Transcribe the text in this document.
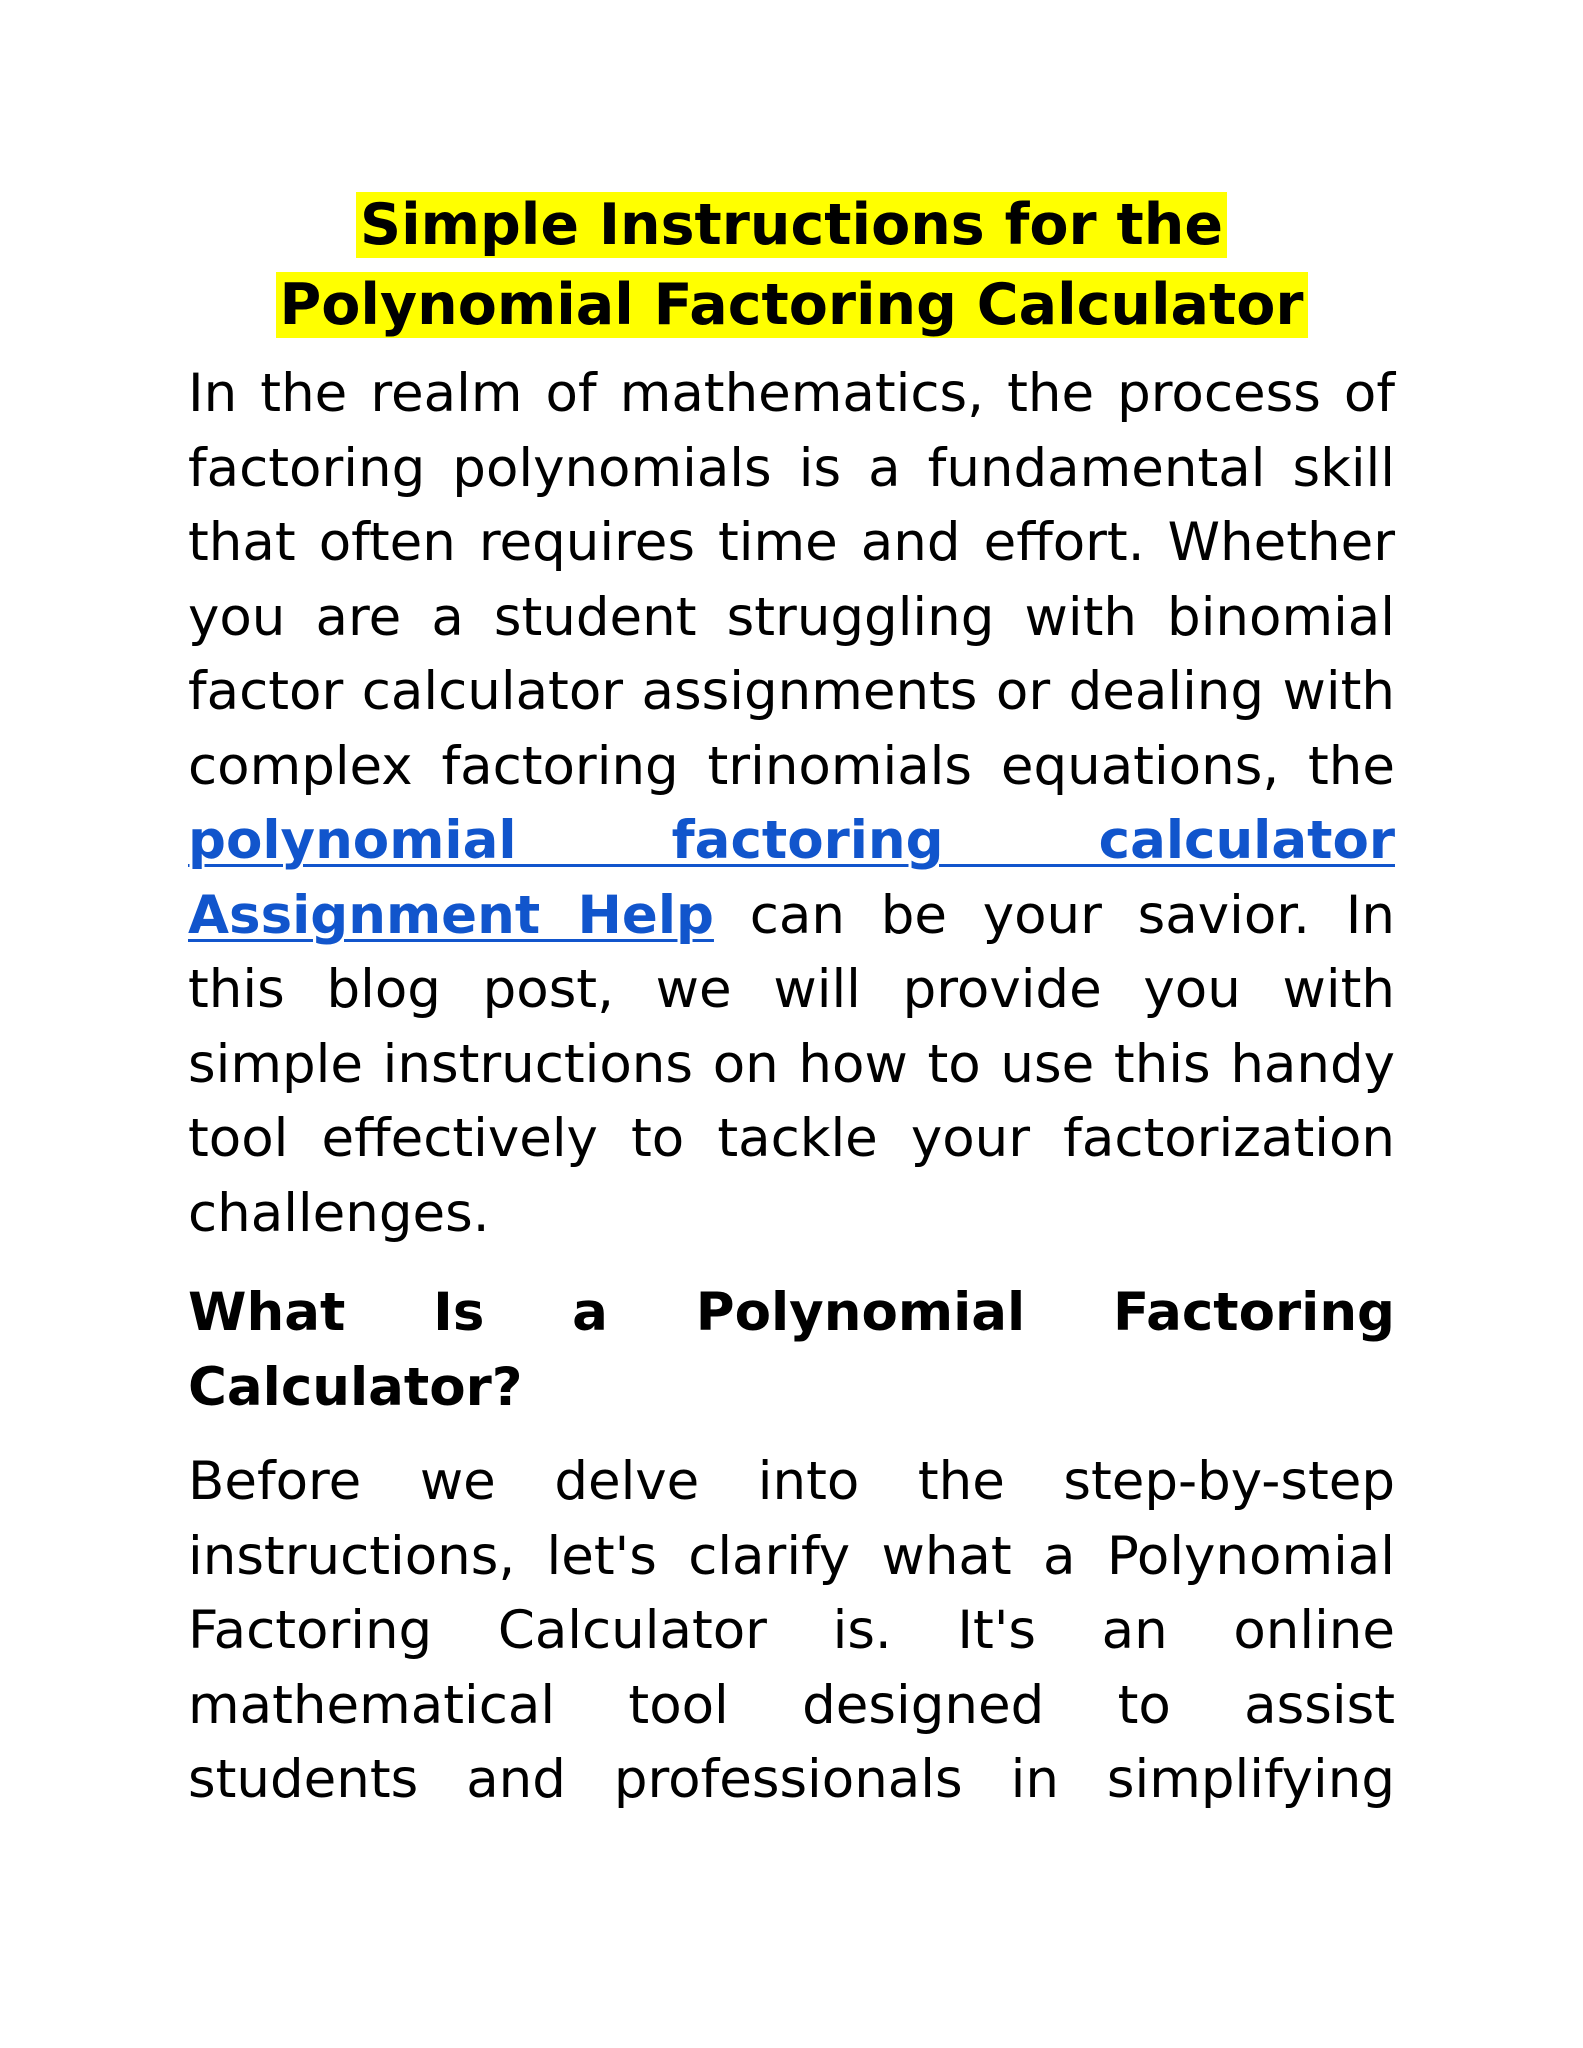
Simple Instructions for the
Polynomial Factoring Calculator

In the realm of mathematics, the process of factoring polynomials is a fundamental skill that often requires time and effort. Whether you are a student struggling with binomial factor calculator assignments or dealing with complex factoring trinomials equations, the polynomial factoring calculator Assignment Help can be your savior. In this blog post, we will provide you with simple instructions on how to use this handy tool effectively to tackle your factorization challenges.

What Is a Polynomial Factoring Calculator?

Before we delve into the step-by-step instructions, let's clarify what a Polynomial Factoring Calculator is. It's an online mathematical tool designed to assist students and professionals in simplifying
